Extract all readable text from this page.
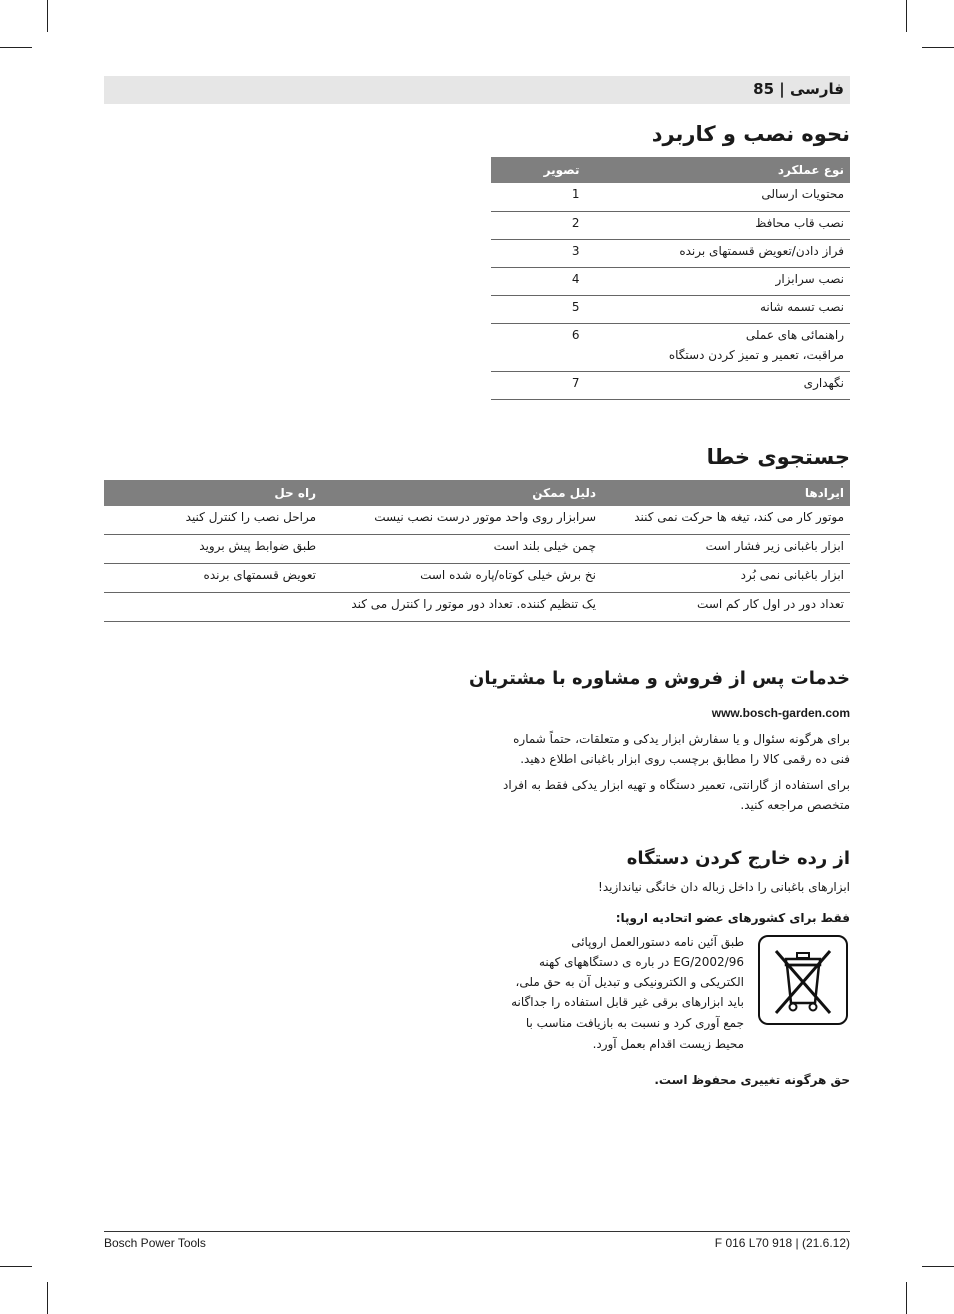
فارسی | 85
نحوه نصب و کاربرد
نوع عملکرد	تصویر
محتویات ارسالی	1
نصب قاب محافظ	2
فراز دادن/تعویض قسمتهای برنده	3
نصب سرابزار	4
نصب تسمه شانه	5

راهنمائی های عملی
مراقبت، تعمیر و تمیز کردن دستگاه	6
نگهداری	7
جستجوی خطا
ایرادها	دلیل ممکن	راه حل
موتور کار می کند، تیغه ها حرکت نمی کنند	سرابزار روی واحد موتور درست نصب نیست	مراحل نصب را کنترل کنید
ابزار باغبانی زیر فشار است	چمن خیلی بلند است	طبق ضوابط پیش بروید
ابزار باغبانی نمی بُرد	نخ برش خیلی کوتاه/پاره شده است	تعویض قسمتهای برنده
تعداد دور در اول کار کم است	یک تنظیم کننده. تعداد دور موتور را کنترل می کند	
خدمات پس از فروش و مشاوره با مشتریان
www.bosch-garden.com
برای هرگونه سئوال و یا سفارش ابزار یدکی و متعلقات، حتماً شماره
فنی ده رقمی کالا را مطابق برچسب روی ابزار باغبانی اطلاع دهید.
برای استفاده از گارانتی، تعمیر دستگاه و تهیه ابزار یدکی فقط به افراد
متخصص مراجعه کنید.
از رده خارج کردن دستگاه
ابزارهای باغبانی را داخل زباله دان خانگی نیاندازید!
فقط برای کشورهای عضو اتحادیه اروپا:
طبق آئین نامه دستورالعمل اروپائی
2002/96/EG در باره ی دستگاههای کهنه
الکتریکی و الکترونیکی و تبدیل آن به حق ملی،
باید ابزارهای برقی غیر قابل استفاده را جداگانه
جمع آوری کرد و نسبت به بازیافت مناسب با
محیط زیست اقدام بعمل آورد.
حق هرگونه تغییری محفوظ است.
Bosch Power Tools	F 016 L70 918 | (21.6.12)
